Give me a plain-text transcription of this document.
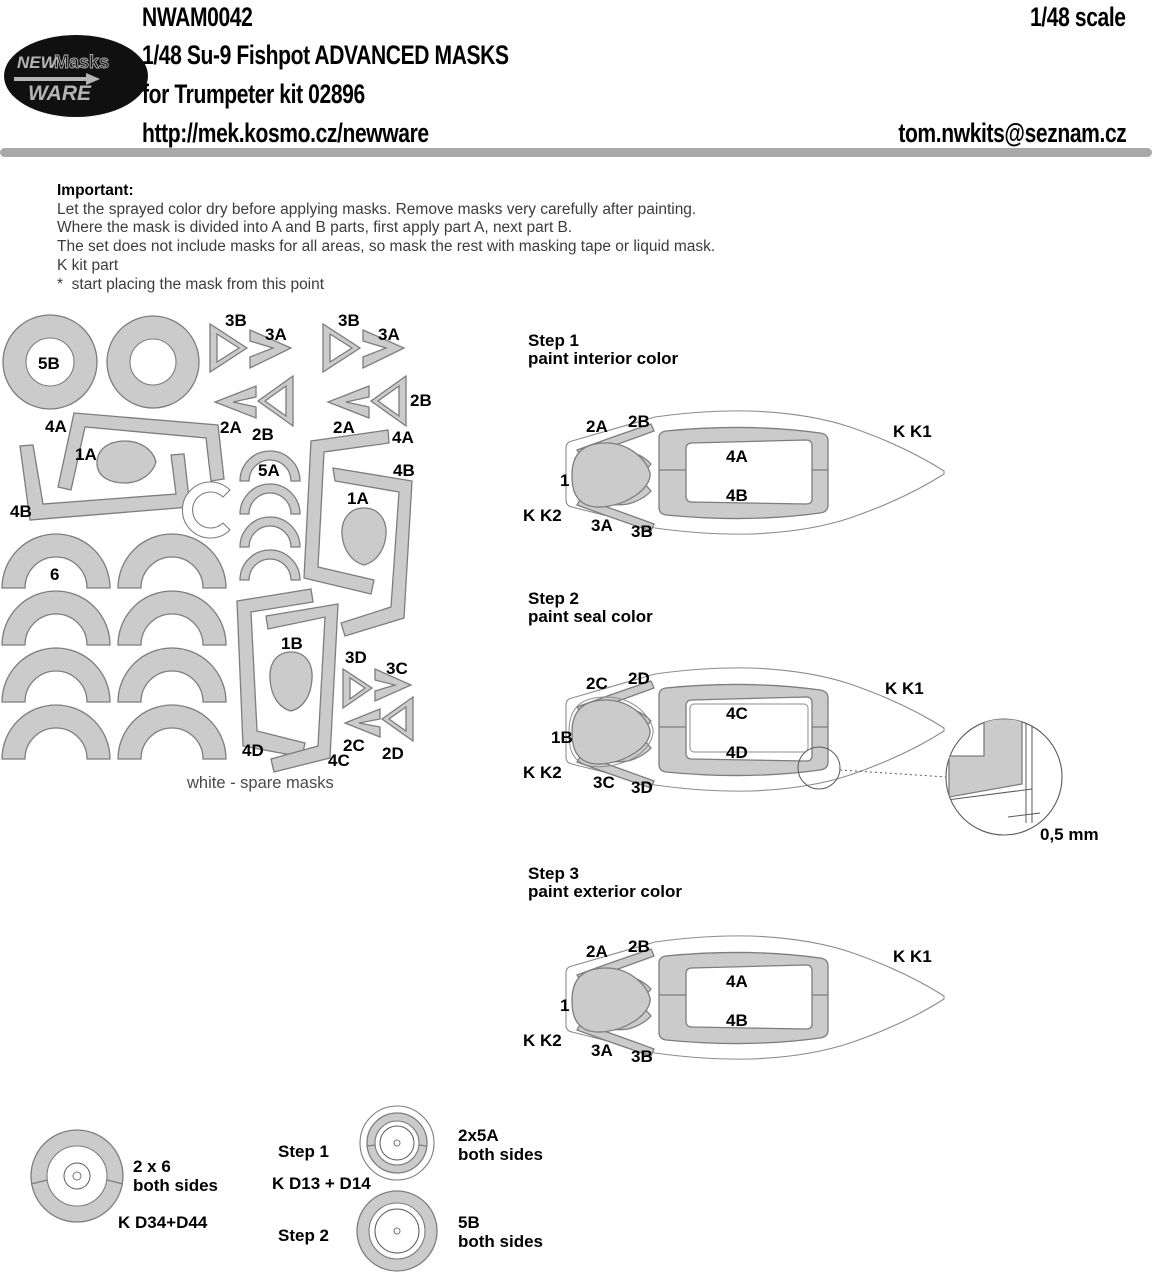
NWAM0042	1/48 scale
1/48 Su-9 Fishpot ADVANCED MASKS
for Trumpeter kit 02896
http://mek.kosmo.cz/newware	tom.nwkits@seznam.cz
Important:
Let the sprayed color dry before applying masks. Remove masks very carefully after painting.
Where the mask is divided into A and B parts, first apply part A, next part B.
The set does not include masks for all areas, so mask the rest with masking tape or liquid mask.
K kit part
*  start placing the mask from this point
NEW
Masks
WARE
5B
3B
3A
2A 2B
3B
3A
2A
2B
4A
1A
4B
5A
4A
4B
1A
6
1B
4D
4C
3D
3C
2C 2D
white - spare masks
Step 1
paint interior color
2A 2B
1
K K2
3A 3B
4A
4B
K K1
Step 2
paint seal color
2C 2D
1B
K K2
3C 3D
4C
4D
K K1
0,5 mm
Step 3
paint exterior color
2A 2B
1
K K2
3A 3B
4A
4B
K K1
2 x 6
both sides
K D34+D44
Step 1
2x5A
both sides
K D13 + D14
Step 2
5B
both sides
